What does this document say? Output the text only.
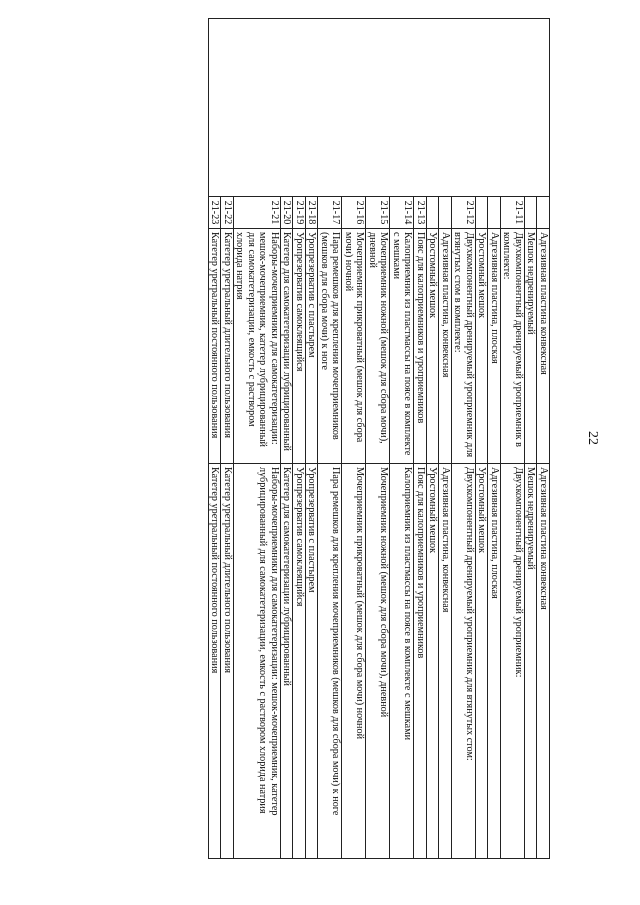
22
		Адгезивная пластина конвексная	Адгезивная пластина конвексная
		Мешок недренируемый	Мешок недренируемый
	21-11	Двухкомпонентный дренируемый уроприемник в комплекте:	Двухкомпонентный дренируемый уроприемник:
		Адгезивная пластина, плоская	Адгезивная пластина, плоская
		Уростомный мешок	Уростомный мешок
	21-12	Двухкомпонентный дренируемый уроприемник для втянутых стом в комплекте:	Двухкомпонентный дренируемый уроприемник для втянутых стом:
		Адгезивная пластина, конвексная	Адгезивная пластина, конвексная
		Уростомный мешок	Уростомный мешок
	21-13	Пояс для калоприемников и уроприемников	Пояс для калоприемников и уроприемников
	21-14	Калоприемник из пластмассы на поясе в комплекте с мешками	Калоприемник из пластмассы на поясе в комплекте с мешками
	21-15	Мочеприемник ножной (мешок для сбора мочи), дневной	Мочеприемник ножной (мешок для сбора мочи), дневной
	21-16	Мочеприемник прикроватный (мешок для сбора мочи) ночной	Мочеприемник прикроватный (мешок для сбора мочи) ночной
	21-17	Пара ремешков для крепления мочеприемников (мешков для сбора мочи) к ноге	Пара ремешков для крепления мочеприемников (мешков для сбора мочи) к ноге
	21-18	Уропрезерватив с пластырем	Уропрезерватив с пластырем
	21-19	Уропрезерватив самоклеящийся	Уропрезерватив самоклеящийся
	21-20	Катетер для самокатетеризации лубрицированный	Катетер для самокатетеризации лубрицированный
	21-21	Наборы-мочеприемники для самокатетеризации: мешок-мочеприемник, катетер лубрицированный для самокатетеризации, емкость с раствором хлорида натрия	Наборы-мочеприемники для самокатетеризации: мешок-мочеприемник, катетер лубрицированный для самокатетеризации, емкость с раствором хлорида натрия
	21-22	Катетер уретральный длительного пользования	Катетер уретральный длительного пользования
	21-23	Катетер уретральный постоянного пользования	Катетер уретральный постоянного пользования
